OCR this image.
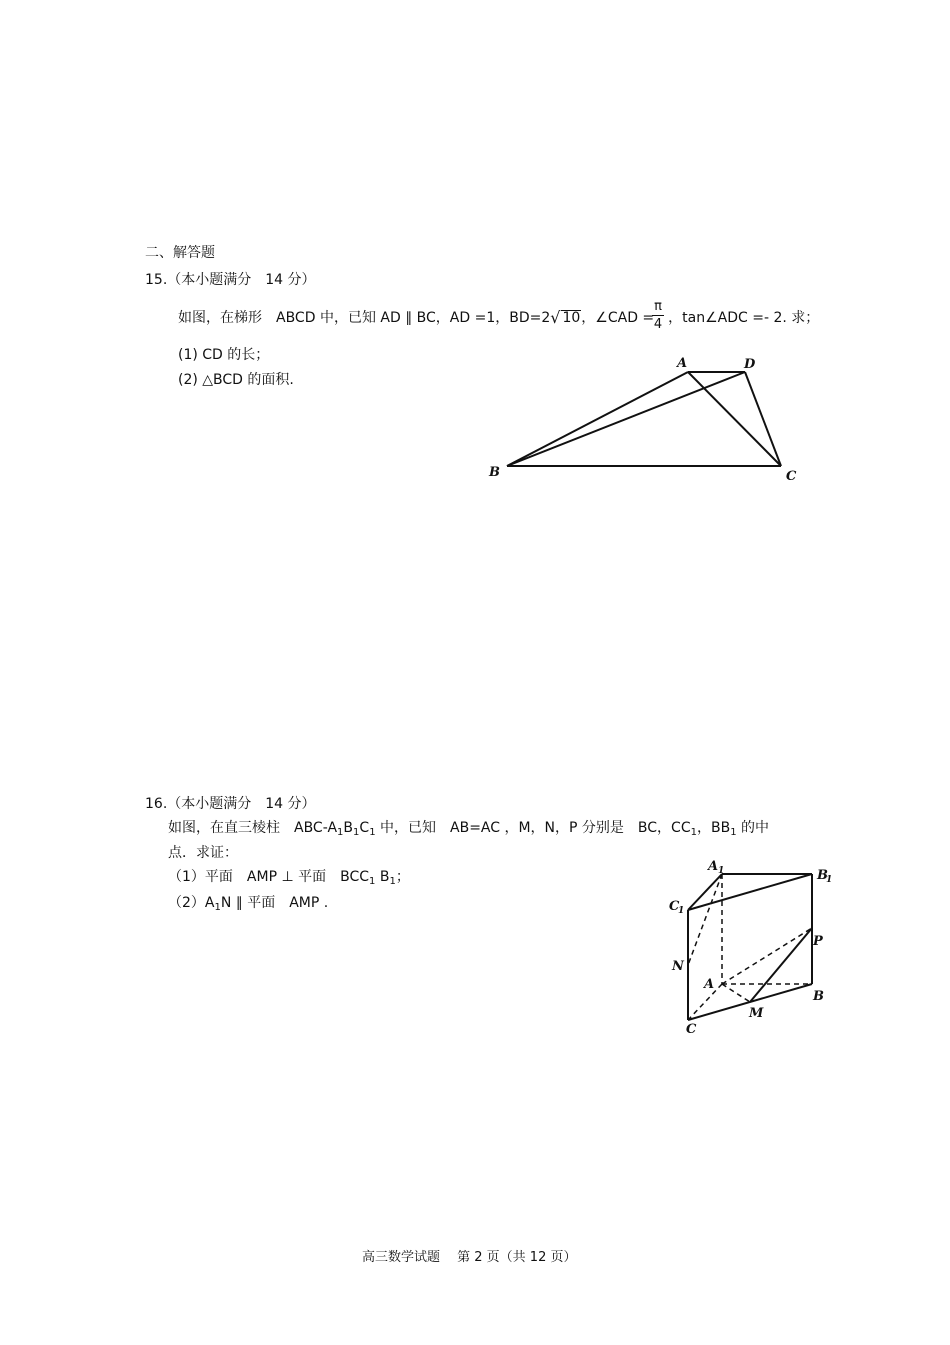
二、解答题
15.（本小题满分　14 分）
如图，在梯形　ABCD 中，已知 AD ∥ BC，AD =1，BD=2√ 10，∠CAD = ，tan∠ADC =- 2. 求；
π
4
(1) CD 的长；
(2) △BCD 的面积.
A	D
B	C
16.（本小题满分　14 分）
如图，在直三棱柱　ABC-$A_1B_1C_1$ 中，已知　AB=AC ，M，N，P 分别是　BC，$CC_1$，$BB_1$ 的中
点．求证：
（1）平面　AMP ⊥ 平面　$BCC_1$ $B_1$；
$(2)A_1N$ ∥ 平面　AMP .
A 1	B
1
C
1
P
N
A
B
M
C
高三数学试题　 第 2 页（共 12 页）
